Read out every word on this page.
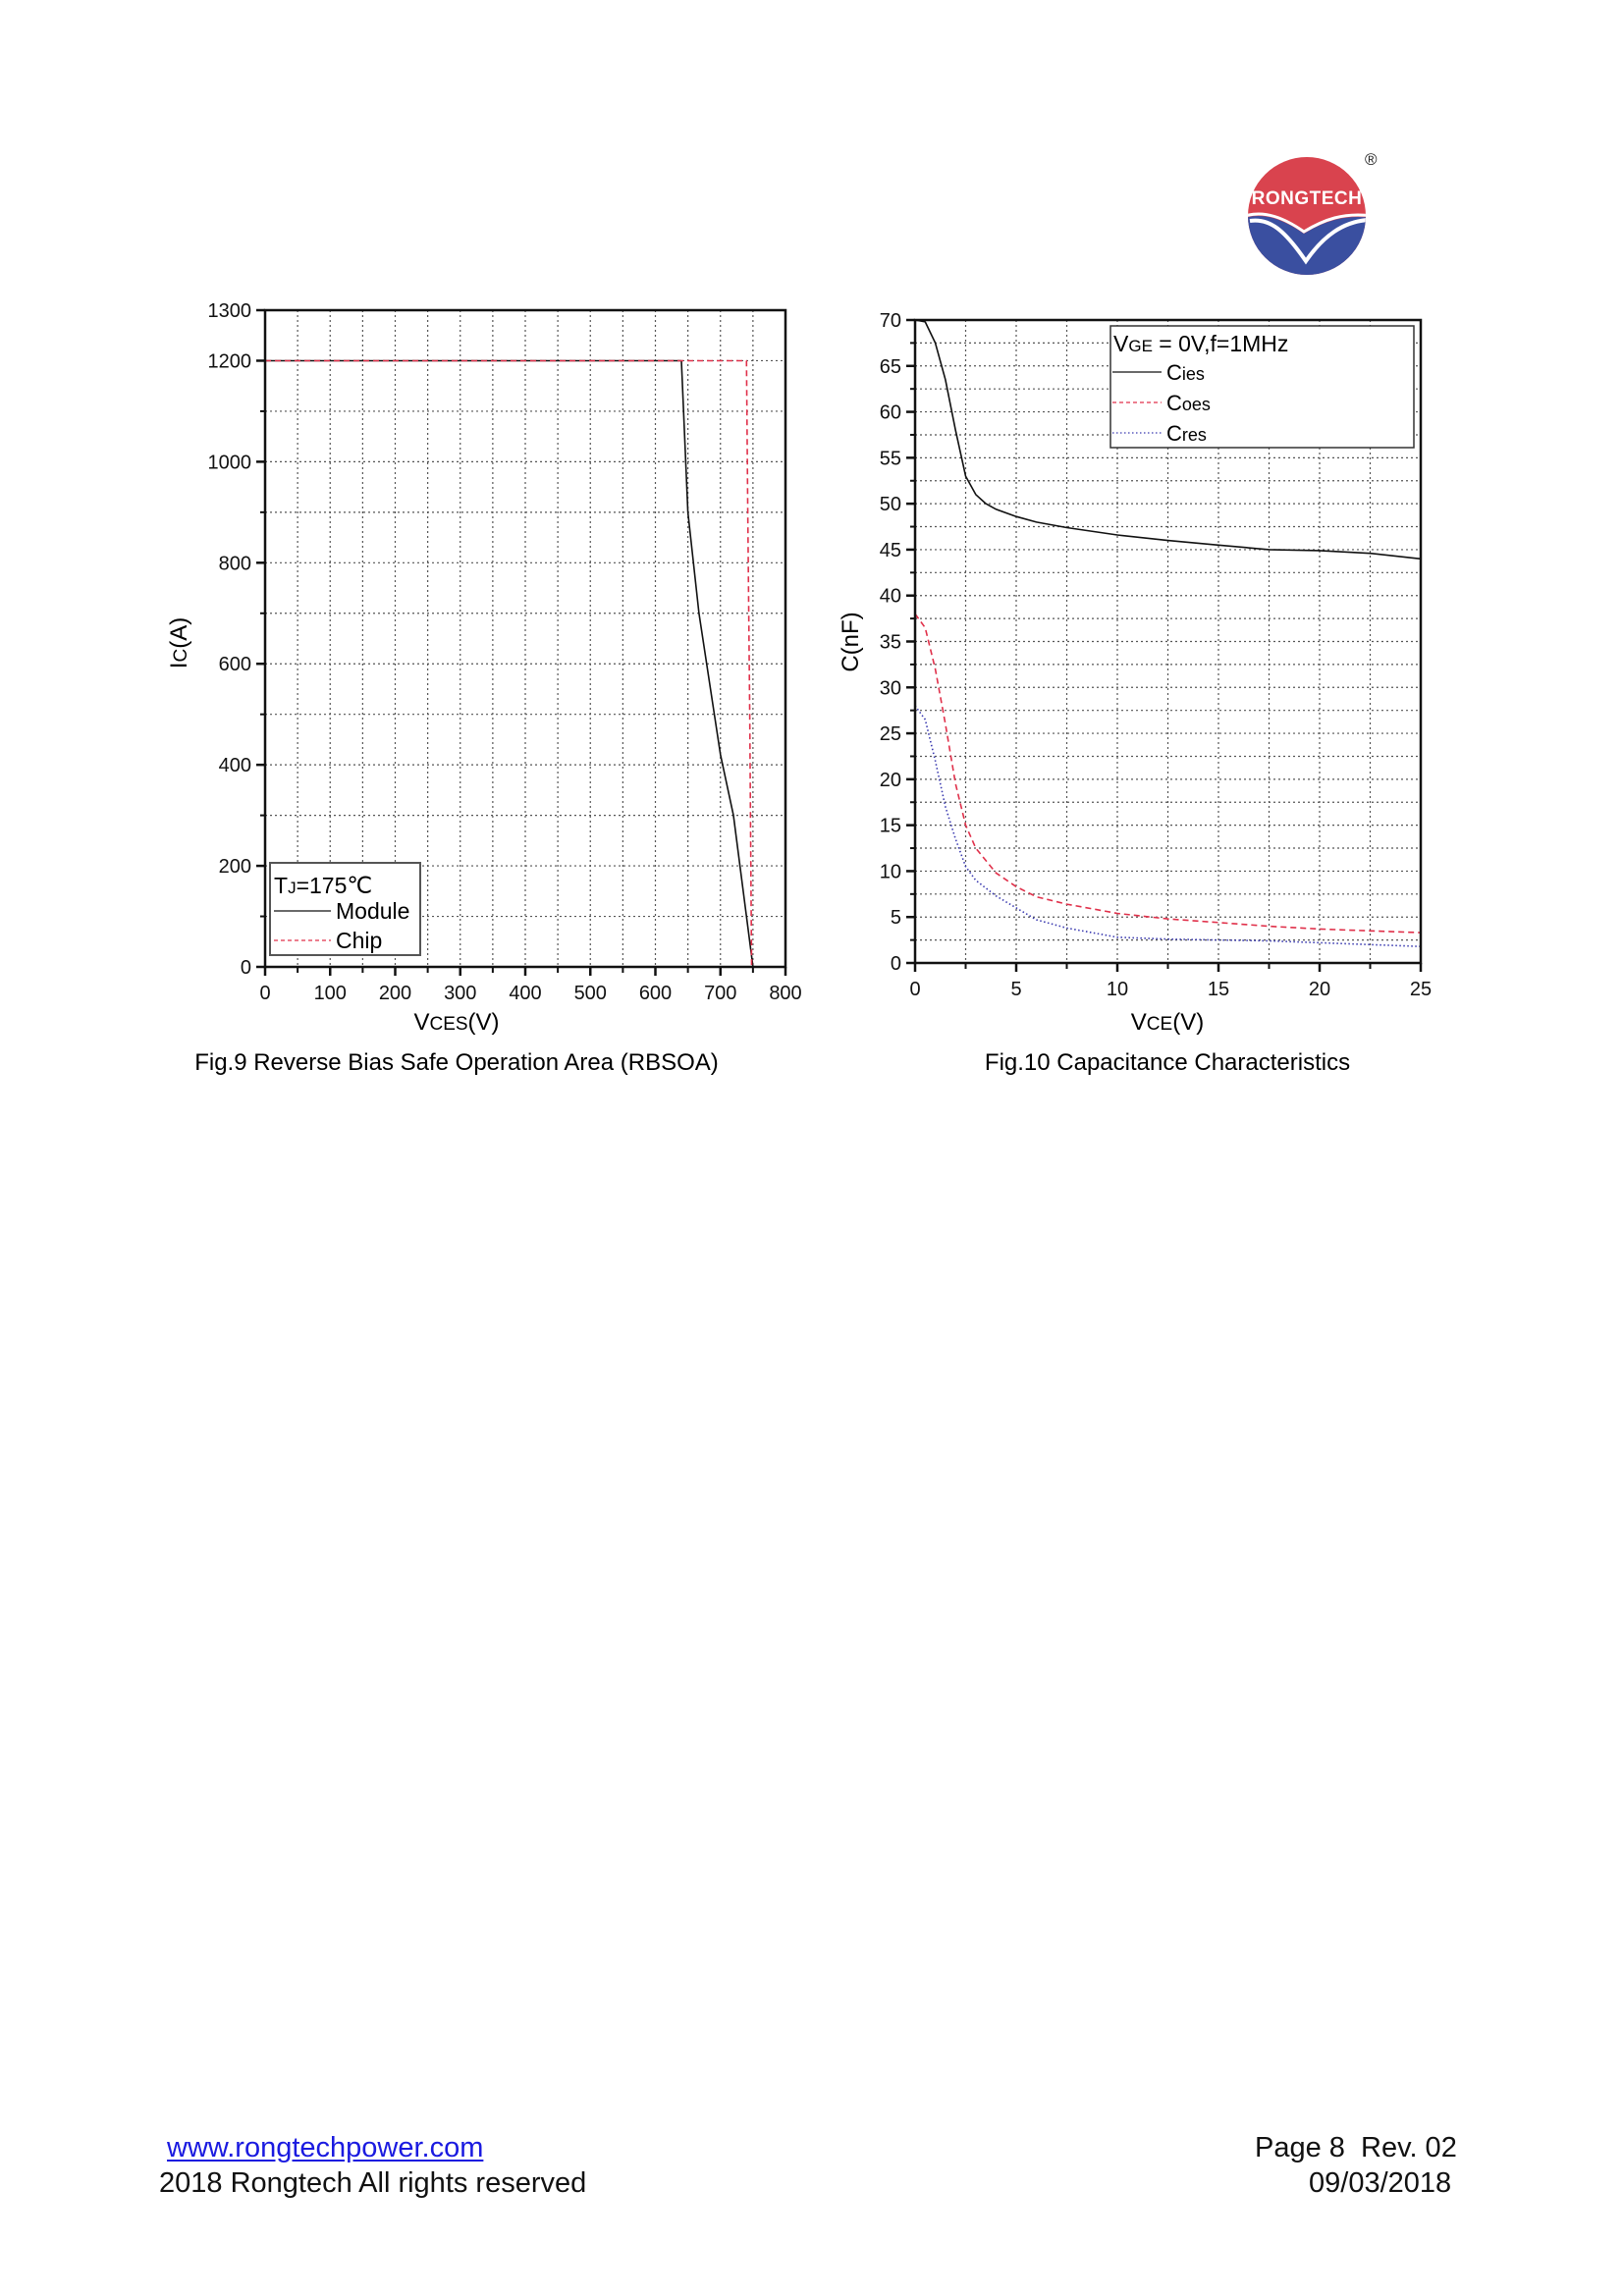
RONGTECH
®
0
200
400
600
800
1000
1200
1300
0 100 200 300 400 500 600 700 800
IC(A)
VCES(V)
Fig.9 Reverse Bias Safe Operation Area (RBSOA)
TJ=175℃
Module
Chip
0
5
10
15
20
25
30
35
40
45
50
55
60
65
70
0	5	10	15	20	25
C(nF)
VCE(V)
Fig.10 Capacitance Characteristics
VGE = 0V,f=1MHz
Cies
Coes
Cres
www.rongtechpower.com
2018 Rongtech All rights reserved
Page 8  Rev. 02
09/03/2018
